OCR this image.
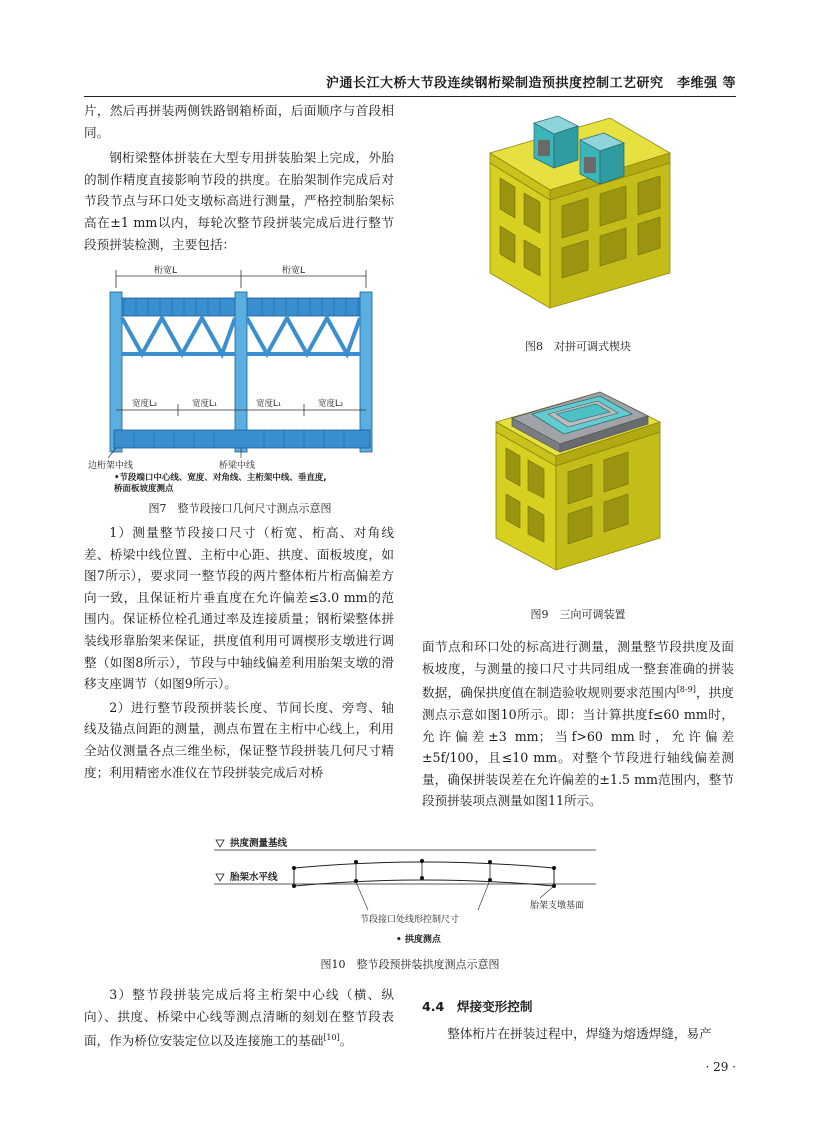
沪通长江大桥大节段连续钢桁梁制造预拱度控制工艺研究　李维强 等

片，然后再拼装两侧铁路钢箱桥面，后面顺序与首段相同。

钢桁梁整体拼装在大型专用拼装胎架上完成，外胎的制作精度直接影响节段的拱度。在胎架制作完成后对节段节点与环口处支墩标高进行测量，严格控制胎架标高在±1 mm以内，每轮次整节段拼装完成后进行整节段预拼装检测，主要包括：

桁宽L	桁宽L
宽度L₂	宽度L₁	宽度L₁	宽度L₂
边桁架中线	桥梁中线
•节段端口中心线、宽度、对角线、主桁架中线、垂直度,
桥面板坡度测点
图7　整节段接口几何尺寸测点示意图

1）测量整节段接口尺寸（桁宽、桁高、对角线差、桥梁中线位置、主桁中心距、拱度、面板坡度，如图7所示），要求同一整节段的两片整体桁片桁高偏差方向一致，且保证桁片垂直度在允许偏差≤3.0 mm的范围内。保证桥位栓孔通过率及连接质量；钢桁梁整体拼装线形靠胎架来保证，拱度值利用可调楔形支墩进行调整（如图8所示），节段与中轴线偏差利用胎架支墩的滑移支座调节（如图9所示）。

2）进行整节段预拼装长度、节间长度、旁弯、轴线及锚点间距的测量，测点布置在主桁中心线上，利用全站仪测量各点三维坐标，保证整节段拼装几何尺寸精度；利用精密水准仪在节段拼装完成后对桥

图8　对拼可调式楔块
图9　三向可调装置

面节点和环口处的标高进行测量，测量整节段拱度及面板坡度，与测量的接口尺寸共同组成一整套准确的拼装数据，确保拱度值在制造验收规则要求范围内[8-9]，拱度测点示意如图10所示。即：当计算拱度f≤60 mm时，允许偏差±3 mm；当f>60 mm时，允许偏差±5f/100，且≤10 mm。对整个节段进行轴线偏差测量，确保拼装误差在允许偏差的±1.5 mm范围内，整节段预拼装项点测量如图11所示。

拱度测量基线
胎架水平线
胎架支墩基面
节段接口处线形控制尺寸
• 拱度测点
图10　整节段预拼装拱度测点示意图

3）整节段拼装完成后将主桁架中心线（横、纵向）、拱度、桥梁中心线等测点清晰的刻划在整节段表面，作为桥位安装定位以及连接施工的基础[10]。

4.4　焊接变形控制

整体桁片在拼装过程中，焊缝为熔透焊缝，易产

· 29 ·
